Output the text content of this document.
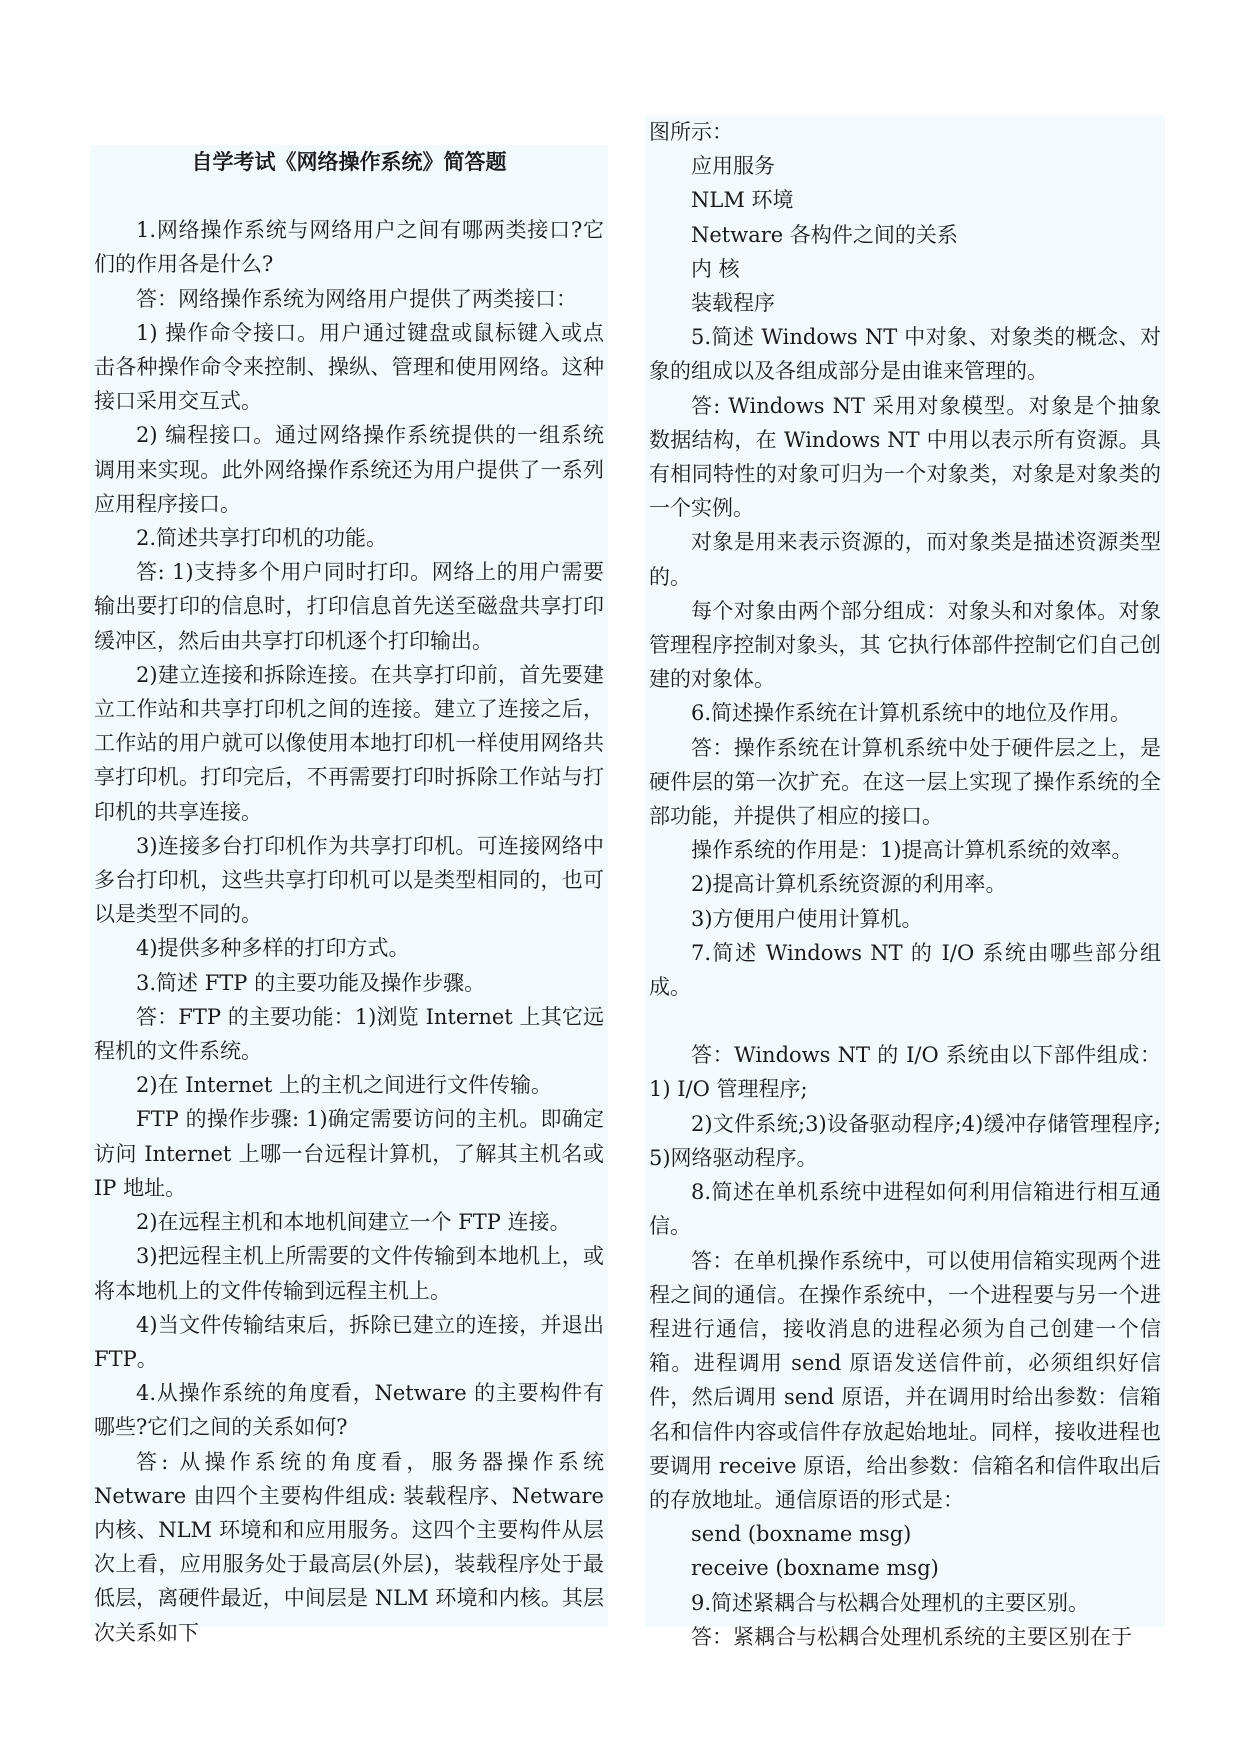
自学考试《网络操作系统》简答题

1.网络操作系统与网络用户之间有哪两类接口?它们的作用各是什么?

答：网络操作系统为网络用户提供了两类接口：

1) 操作命令接口。用户通过键盘或鼠标键入或点击各种操作命令来控制、操纵、管理和使用网络。这种接口采用交互式。

2) 编程接口。通过网络操作系统提供的一组系统调用来实现。此外网络操作系统还为用户提供了一系列应用程序接口。

2.简述共享打印机的功能。

答: 1)支持多个用户同时打印。网络上的用户需要输出要打印的信息时，打印信息首先送至磁盘共享打印缓冲区，然后由共享打印机逐个打印输出。

2)建立连接和拆除连接。在共享打印前，首先要建立工作站和共享打印机之间的连接。建立了连接之后，工作站的用户就可以像使用本地打印机一样使用网络共享打印机。打印完后，不再需要打印时拆除工作站与打印机的共享连接。

3)连接多台打印机作为共享打印机。可连接网络中多台打印机，这些共享打印机可以是类型相同的，也可以是类型不同的。

4)提供多种多样的打印方式。

3.简述 FTP 的主要功能及操作步骤。

答：FTP 的主要功能：1)浏览 Internet 上其它远程机的文件系统。

2)在 Internet 上的主机之间进行文件传输。

FTP 的操作步骤: 1)确定需要访问的主机。即确定访问 Internet 上哪一台远程计算机，了解其主机名或 IP 地址。

2)在远程主机和本地机间建立一个 FTP 连接。

3)把远程主机上所需要的文件传输到本地机上，或将本地机上的文件传输到远程主机上。

4)当文件传输结束后，拆除已建立的连接，并退出 FTP。

4.从操作系统的角度看，Netware 的主要构件有哪些?它们之间的关系如何?

答: 从操作系统的角度看，服务器操作系统 Netware 由四个主要构件组成: 装载程序、Netware 内核、NLM 环境和和应用服务。这四个主要构件从层次上看，应用服务处于最高层(外层)，装载程序处于最低层，离硬件最近，中间层是 NLM 环境和内核。其层次关系如下

图所示：

应用服务

NLM 环境

Netware 各构件之间的关系

内 核

装载程序

5.简述 Windows NT 中对象、对象类的概念、对象的组成以及各组成部分是由谁来管理的。

答: Windows NT 采用对象模型。对象是个抽象数据结构，在 Windows NT 中用以表示所有资源。具有相同特性的对象可归为一个对象类，对象是对象类的一个实例。

对象是用来表示资源的，而对象类是描述资源类型的。

每个对象由两个部分组成：对象头和对象体。对象管理程序控制对象头，其 它执行体部件控制它们自己创建的对象体。

6.简述操作系统在计算机系统中的地位及作用。

答：操作系统在计算机系统中处于硬件层之上，是硬件层的第一次扩充。在这一层上实现了操作系统的全部功能，并提供了相应的接口。

操作系统的作用是：1)提高计算机系统的效率。

2)提高计算机系统资源的利用率。

3)方便用户使用计算机。

7.简述 Windows NT 的 I/O 系统由哪些部分组成。

答：Windows NT 的 I/O 系统由以下部件组成：1) I/O 管理程序;

2)文件系统;3)设备驱动程序;4)缓冲存储管理程序; 5)网络驱动程序。

8.简述在单机系统中进程如何利用信箱进行相互通信。

答：在单机操作系统中，可以使用信箱实现两个进程之间的通信。在操作系统中，一个进程要与另一个进程进行通信，接收消息的进程必须为自己创建一个信箱。进程调用 send 原语发送信件前，必须组织好信件，然后调用 send 原语，并在调用时给出参数：信箱名和信件内容或信件存放起始地址。同样，接收进程也要调用 receive 原语，给出参数：信箱名和信件取出后的存放地址。通信原语的形式是：

send (boxname msg)

receive (boxname msg)

9.简述紧耦合与松耦合处理机的主要区别。

答：紧耦合与松耦合处理机系统的主要区别在于
